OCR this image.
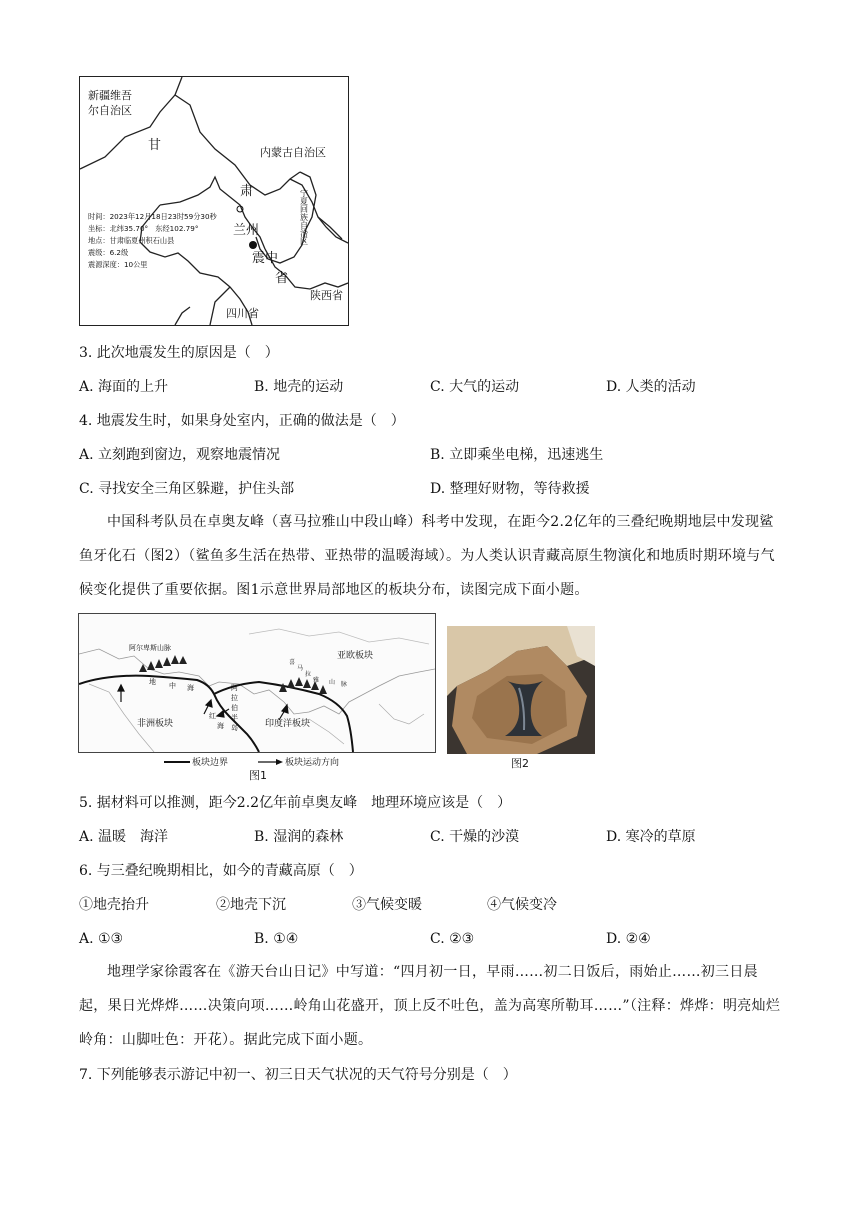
新疆维吾
尔自治区
甘
肃
省
内蒙古自治区
兰州
震中
陕西省
四川省
宁夏回族自治区
时间：2023年12月18日23时59分30秒
坐标：北纬35.70°　东经102.79°
地点：甘肃临夏州积石山县
震级：6.2级
震源深度：10公里
3. 此次地震发生的原因是（　）
A. 海面的上升	B. 地壳的运动	C. 大气的运动	D. 人类的活动
4. 地震发生时，如果身处室内，正确的做法是（　）
A. 立刻跑到窗边，观察地震情况	B. 立即乘坐电梯，迅速逃生
C. 寻找安全三角区躲避，护住头部	D. 整理好财物，等待救援
中国科考队员在卓奥友峰（喜马拉雅山中段山峰）科考中发现，在距今2.2亿年的三叠纪晚期地层中发现鲨鱼牙化石（图2）（鲨鱼多生活在热带、亚热带的温暖海域）。为人类认识青藏高原生物演化和地质时期环境与气候变化提供了重要依据。图1示意世界局部地区的板块分布，读图完成下面小题。
阿尔卑斯山脉
亚欧板块
非洲板块	印度洋板块
地 中 海	阿
拉
伯
半
岛
红
海
喜
马
拉
雅 山 脉
板块边界	板块运动方向
图1
图2
5. 据材料可以推测，距今2.2亿年前卓奥友峰　地理环境应该是（　）
A. 温暖　海洋	B. 湿润的森林	C. 干燥的沙漠	D. 寒冷的草原
6. 与三叠纪晚期相比，如今的青藏高原（　）
①地壳抬升	②地壳下沉	③气候变暖	④气候变冷
A. ①③	B. ①④	C. ②③	D. ②④
地理学家徐霞客在《游天台山日记》中写道：“四月初一日，早雨……初二日饭后，雨始止……初三日晨起，果日光烨烨……决策向项……岭角山花盛开，顶上反不吐色，盖为高寒所勒耳……”（注释：烨烨：明亮灿烂岭角：山脚吐色：开花）。据此完成下面小题。
7. 下列能够表示游记中初一、初三日天气状况的天气符号分别是（　）
